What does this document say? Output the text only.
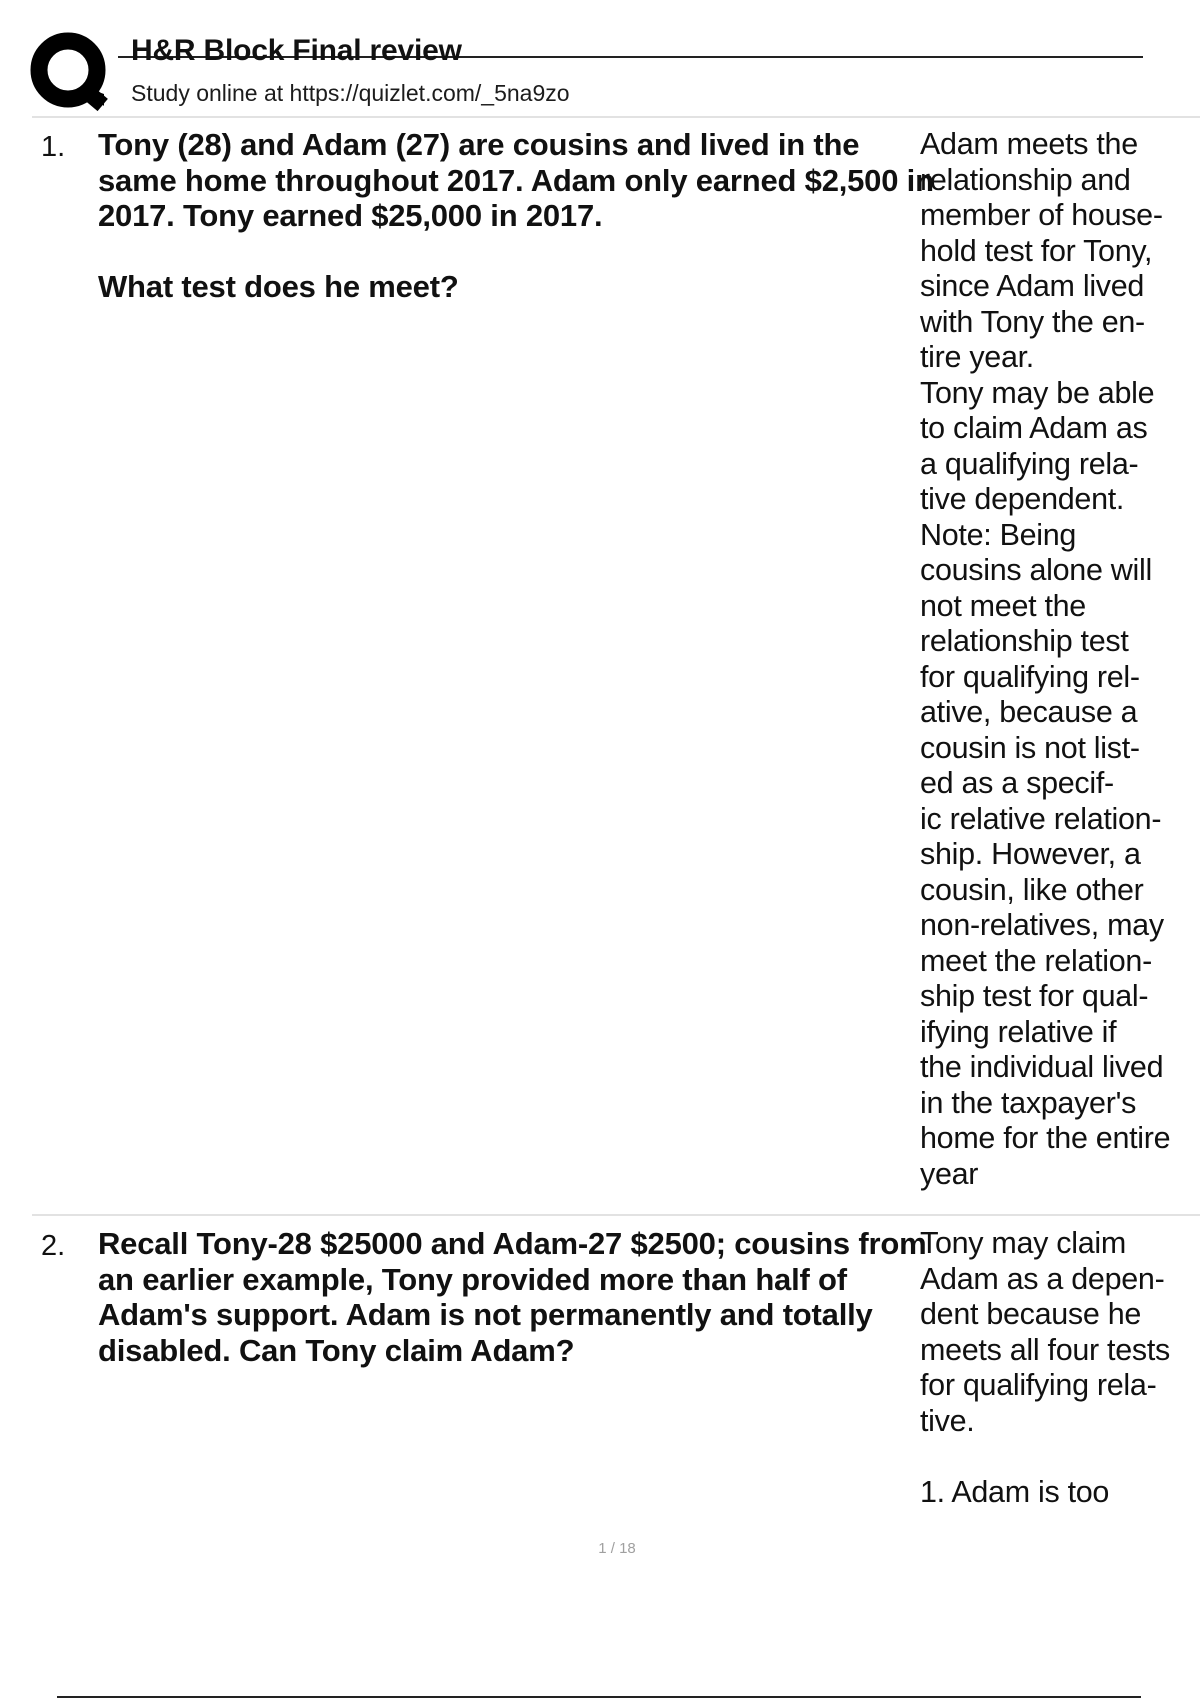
H&R Block Final review
Study online at https://quizlet.com/_5na9zo
1. Tony (28) and Adam (27) are cousins and lived in the same home throughout 2017. Adam only earned $2,500 in 2017. Tony earned $25,000 in 2017.

What test does he meet?

Adam meets the
relationship and
member of house-
hold test for Tony,
since Adam lived
with Tony the en-
tire year.
Tony may be able
to claim Adam as
a qualifying rela-
tive dependent.
Note: Being
cousins alone will
not meet the
relationship test
for qualifying rel-
ative, because a
cousin is not list-
ed as a specif-
ic relative relation-
ship. However, a
cousin, like other
non-relatives, may
meet the relation-
ship test for qual-
ifying relative if
the individual lived
in the taxpayer's
home for the entire
year
2. Recall Tony-28 $25000 and Adam-27 $2500; cousins from an earlier example, Tony provided more than half of Adam's support. Adam is not permanently and totally disabled. Can Tony claim Adam?

Tony may claim
Adam as a depen-
dent because he
meets all four tests
for qualifying rela-
tive.
1. Adam is too
1 / 18
